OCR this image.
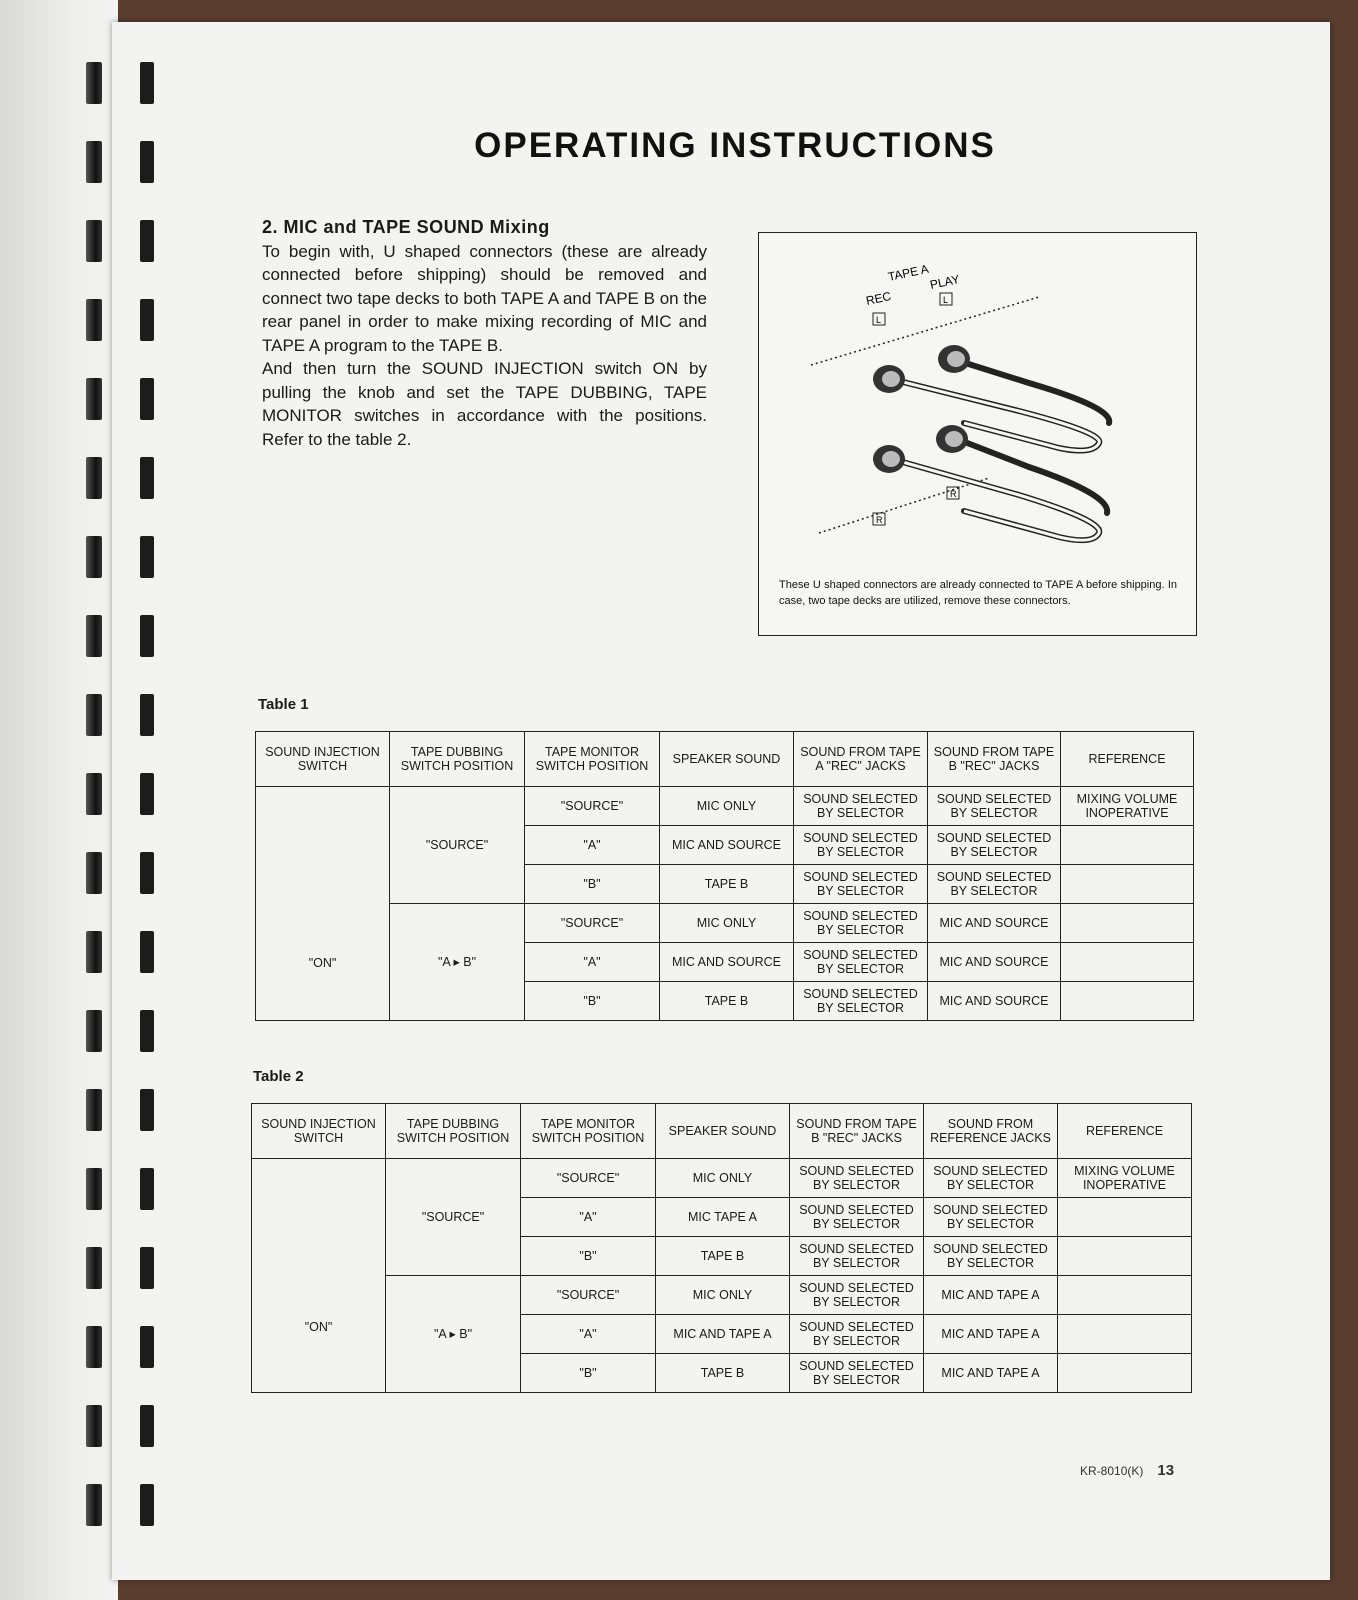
OPERATING INSTRUCTIONS
2. MIC and TAPE SOUND Mixing

To begin with, U shaped connectors (these are already connected before shipping) should be removed and connect two tape decks to both TAPE A and TAPE B on the rear panel in order to make mixing recording of MIC and TAPE A program to the TAPE B.

And then turn the SOUND INJECTION switch ON by pulling the knob and set the TAPE DUBBING, TAPE MONITOR switches in accordance with the positions. Refer to the table 2.

TAPE A
REC
PLAY
L
L
R
R
These U shaped connectors are already connected to TAPE A before shipping. In case, two tape decks are utilized, remove these connectors.
Table 1
SOUND INJECTION SWITCH	TAPE DUBBING SWITCH POSITION	TAPE MONITOR SWITCH POSITION	SPEAKER SOUND	SOUND FROM TAPE A "REC" JACKS	SOUND FROM TAPE B "REC" JACKS	REFERENCE
"ON"	"SOURCE"	"SOURCE"	MIC ONLY	SOUND SELECTED BY SELECTOR	SOUND SELECTED BY SELECTOR	MIXING VOLUME INOPERATIVE
		"A"	MIC AND SOURCE	SOUND SELECTED BY SELECTOR	SOUND SELECTED BY SELECTOR	
		"B"	TAPE B	SOUND SELECTED BY SELECTOR	SOUND SELECTED BY SELECTOR	
	"A ▸ B"	"SOURCE"	MIC ONLY	SOUND SELECTED BY SELECTOR	MIC AND SOURCE	
		"A"	MIC AND SOURCE	SOUND SELECTED BY SELECTOR	MIC AND SOURCE	
		"B"	TAPE B	SOUND SELECTED BY SELECTOR	MIC AND SOURCE	
Table 2
SOUND INJECTION SWITCH	TAPE DUBBING SWITCH POSITION	TAPE MONITOR SWITCH POSITION	SPEAKER SOUND	SOUND FROM TAPE B "REC" JACKS	SOUND FROM REFERENCE JACKS	REFERENCE
"ON"	"SOURCE"	"SOURCE"	MIC ONLY	SOUND SELECTED BY SELECTOR	SOUND SELECTED BY SELECTOR	MIXING VOLUME INOPERATIVE
		"A"	MIC TAPE A	SOUND SELECTED BY SELECTOR	SOUND SELECTED BY SELECTOR	
		"B"	TAPE B	SOUND SELECTED BY SELECTOR	SOUND SELECTED BY SELECTOR	
	"A ▸ B"	"SOURCE"	MIC ONLY	SOUND SELECTED BY SELECTOR	MIC AND TAPE A	
		"A"	MIC AND TAPE A	SOUND SELECTED BY SELECTOR	MIC AND TAPE A	
		"B"	TAPE B	SOUND SELECTED BY SELECTOR	MIC AND TAPE A	
KR-8010(K) 13
